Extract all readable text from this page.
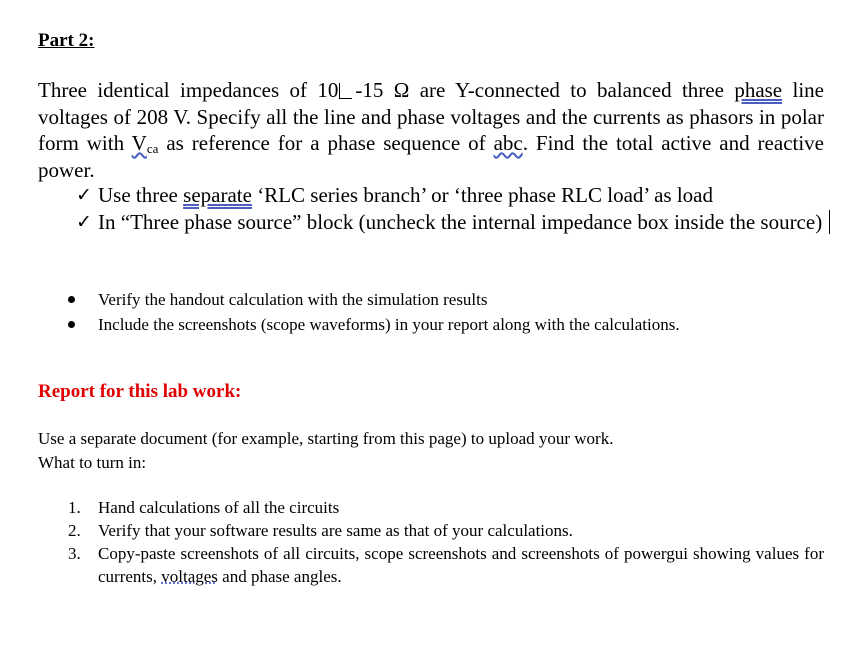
Part 2:
Three identical impedances of 10 -15 Ω are Y-connected to balanced three phase line voltages of 208 V. Specify all the line and phase voltages and the currents as phasors in polar form with $V_{ca}$ as reference for a phase sequence of abc. Find the total active and reactive power.
✓ Use three separate ‘RLC series branch’ or ‘three phase RLC load’ as load
✓ In “Three phase source” block (uncheck the internal impedance box inside the source)
Verify the handout calculation with the simulation results
Include the screenshots (scope waveforms) in your report along with the calculations.
Report for this lab work:
Use a separate document (for example, starting from this page) to upload your work.
What to turn in:
1. Hand calculations of all the circuits
2. Verify that your software results are same as that of your calculations.
3. Copy-paste screenshots of all circuits, scope screenshots and screenshots of powergui showing values for currents, voltages and phase angles.
